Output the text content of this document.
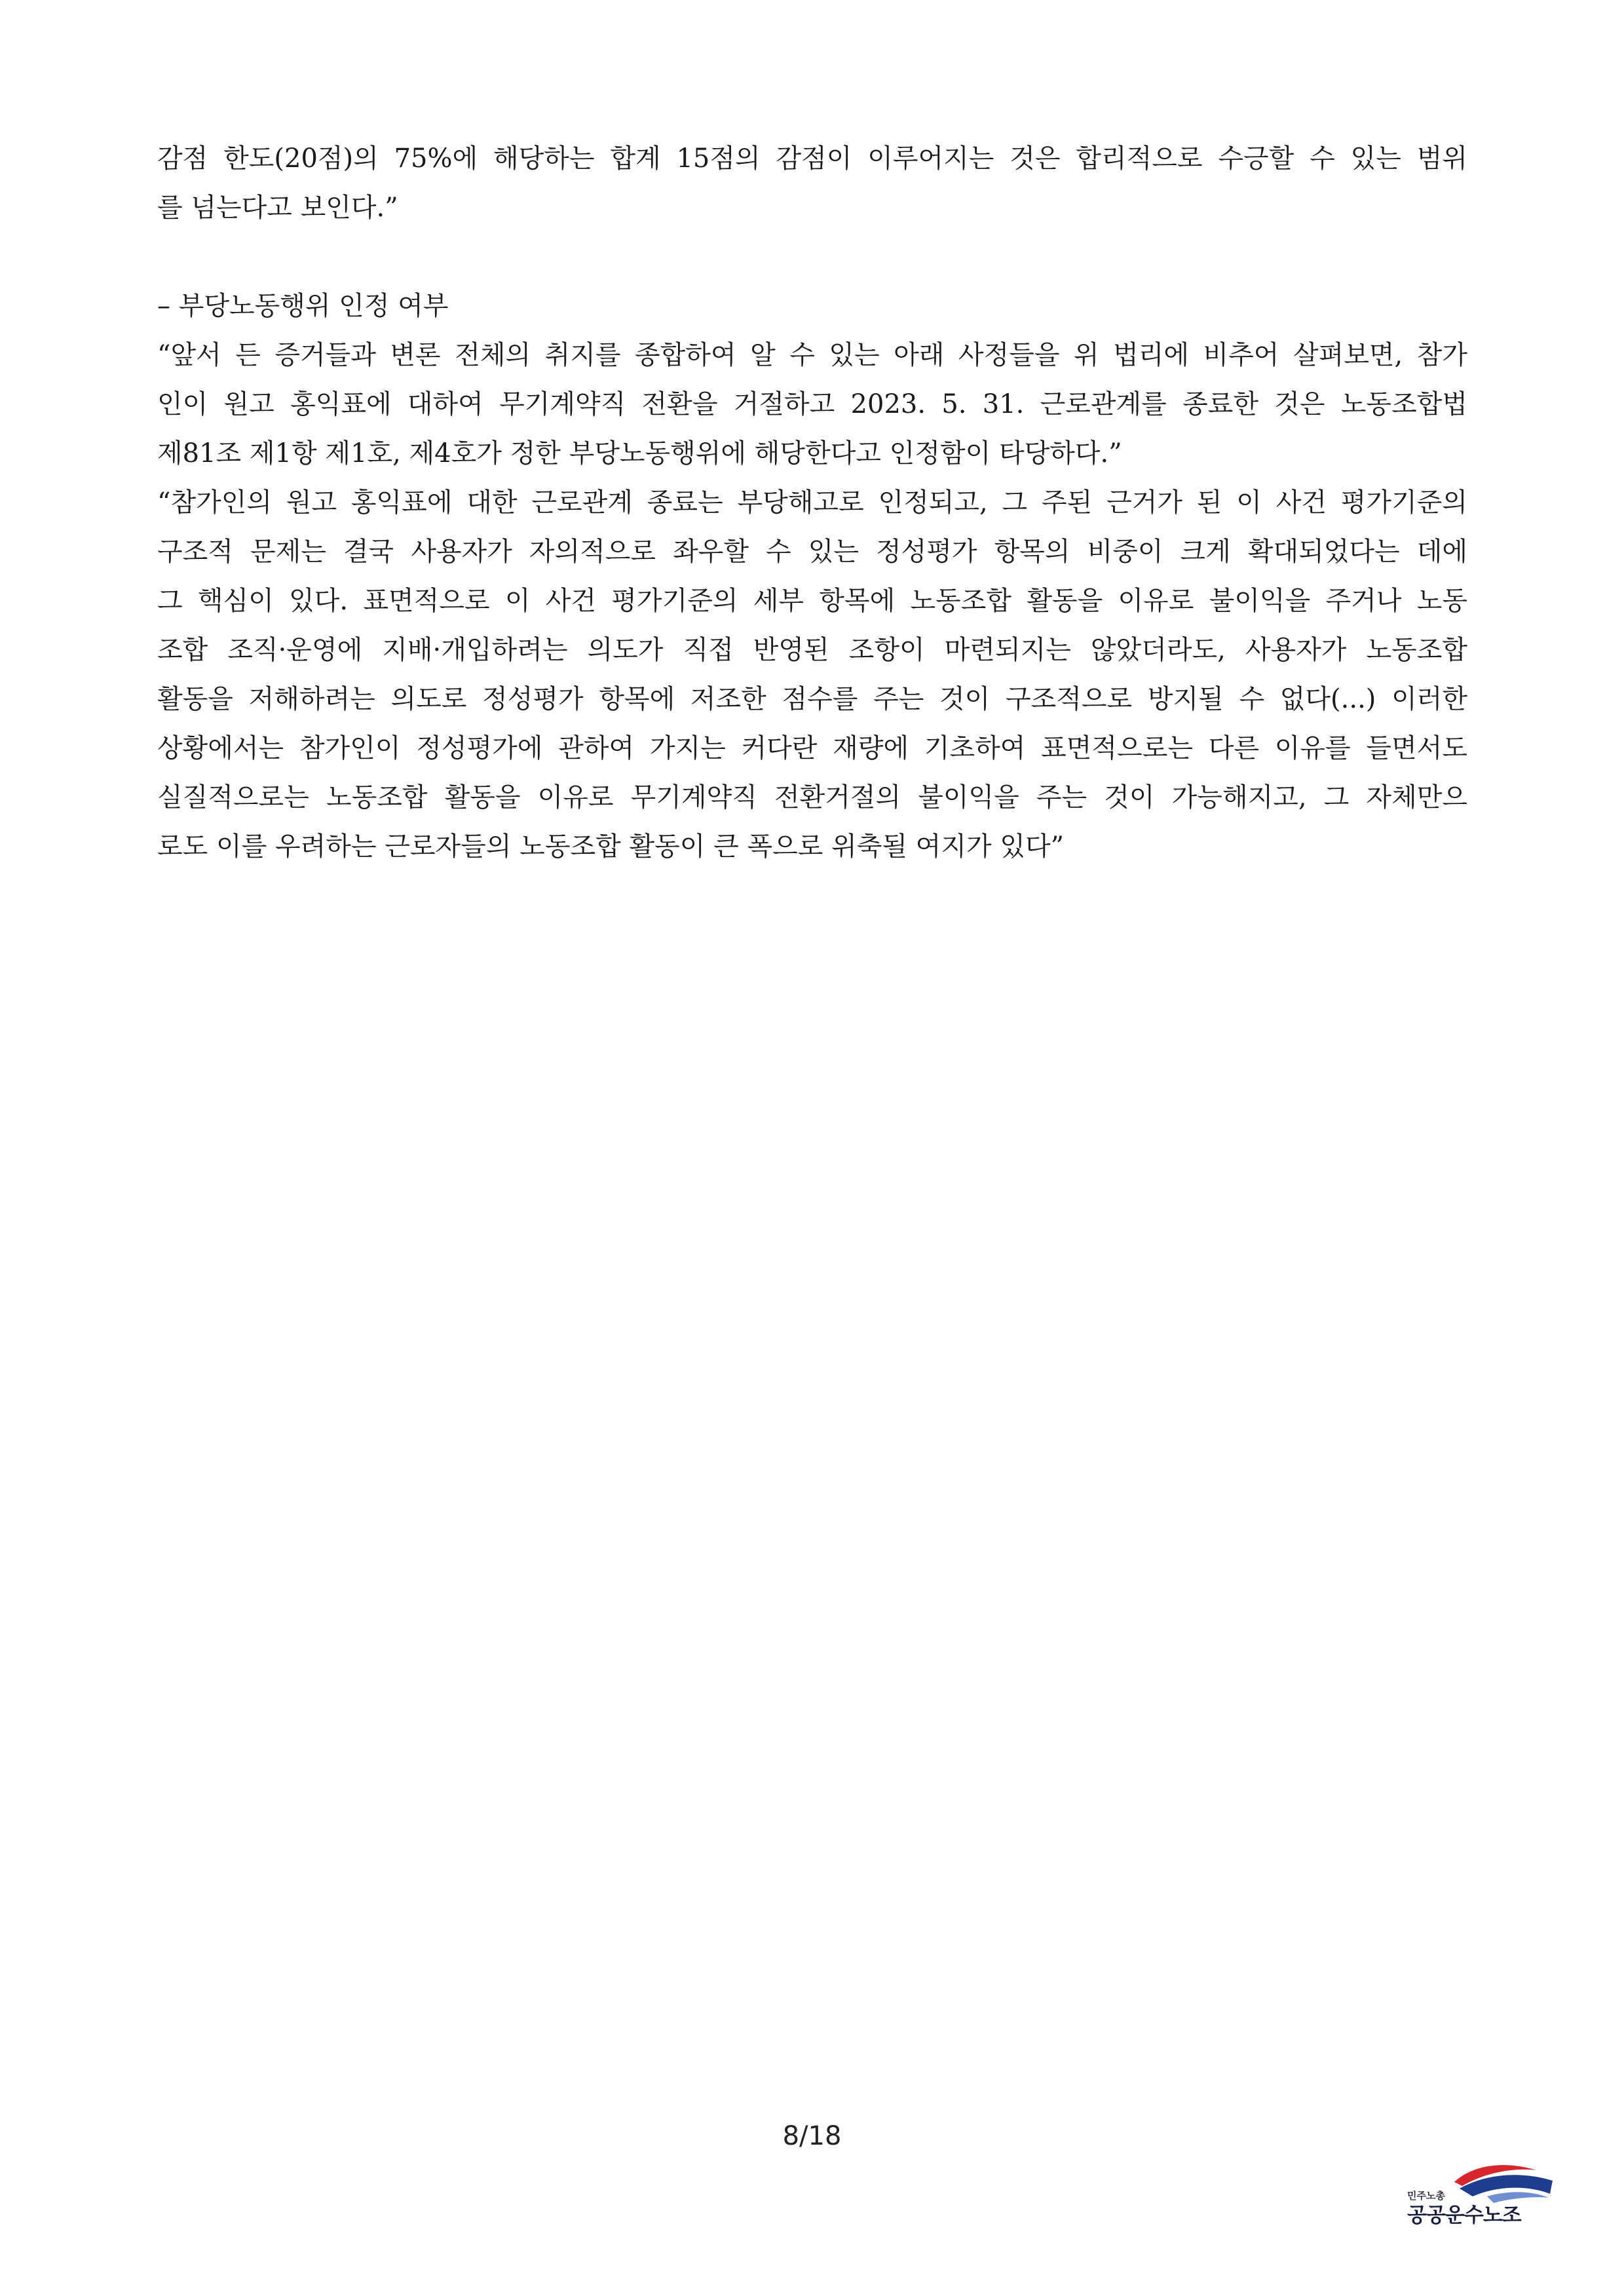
감점 한도(20점)의 75%에 해당하는 합계 15점의 감점이 이루어지는 것은 합리적으로 수긍할 수 있는 범위
를 넘는다고 보인다.”
– 부당노동행위 인정 여부
“앞서 든 증거들과 변론 전체의 취지를 종합하여 알 수 있는 아래 사정들을 위 법리에 비추어 살펴보면, 참가
인이 원고 홍익표에 대하여 무기계약직 전환을 거절하고 2023. 5. 31. 근로관계를 종료한 것은 노동조합법
제81조 제1항 제1호, 제4호가 정한 부당노동행위에 해당한다고 인정함이 타당하다.”
“참가인의 원고 홍익표에 대한 근로관계 종료는 부당해고로 인정되고, 그 주된 근거가 된 이 사건 평가기준의
구조적 문제는 결국 사용자가 자의적으로 좌우할 수 있는 정성평가 항목의 비중이 크게 확대되었다는 데에
그 핵심이 있다. 표면적으로 이 사건 평가기준의 세부 항목에 노동조합 활동을 이유로 불이익을 주거나 노동
조합 조직·운영에 지배·개입하려는 의도가 직접 반영된 조항이 마련되지는 않았더라도, 사용자가 노동조합
활동을 저해하려는 의도로 정성평가 항목에 저조한 점수를 주는 것이 구조적으로 방지될 수 없다(...) 이러한
상황에서는 참가인이 정성평가에 관하여 가지는 커다란 재량에 기초하여 표면적으로는 다른 이유를 들면서도
실질적으로는 노동조합 활동을 이유로 무기계약직 전환거절의 불이익을 주는 것이 가능해지고, 그 자체만으
로도 이를 우려하는 근로자들의 노동조합 활동이 큰 폭으로 위축될 여지가 있다”
8/18
민주노총
공공운수노조
